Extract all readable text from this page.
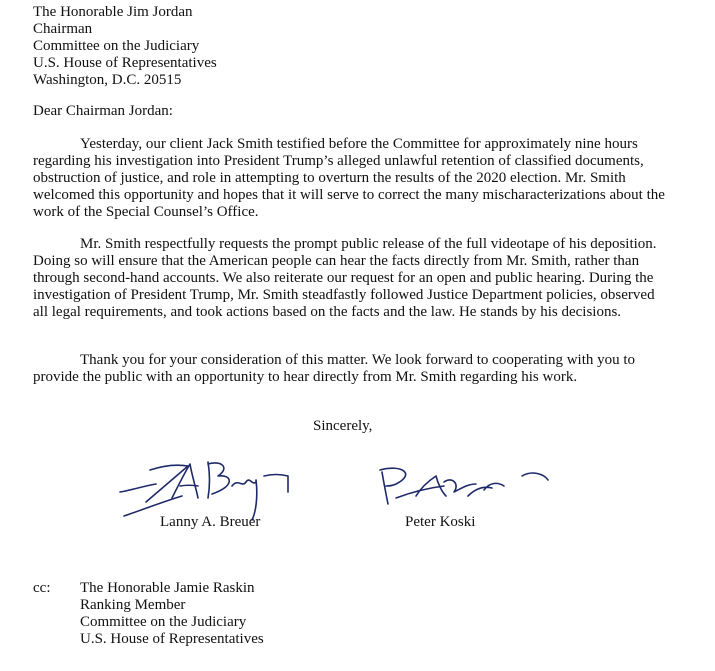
The Honorable Jim Jordan
Chairman
Committee on the Judiciary
U.S. House of Representatives
Washington, D.C. 20515
Dear Chairman Jordan:

Yesterday, our client Jack Smith testified before the Committee for approximately nine hours regarding his investigation into President Trump’s alleged unlawful retention of classified documents, obstruction of justice, and role in attempting to overturn the results of the 2020 election. Mr. Smith welcomed this opportunity and hopes that it will serve to correct the many mischaracterizations about the work of the Special Counsel’s Office.

Mr. Smith respectfully requests the prompt public release of the full videotape of his deposition. Doing so will ensure that the American people can hear the facts directly from Mr. Smith, rather than through second-hand accounts. We also reiterate our request for an open and public hearing. During the investigation of President Trump, Mr. Smith steadfastly followed Justice Department policies, observed all legal requirements, and took actions based on the facts and the law. He stands by his decisions.

Thank you for your consideration of this matter. We look forward to cooperating with you to provide the public with an opportunity to hear directly from Mr. Smith regarding his work.

Sincerely,
Lanny A. Breuer	Peter Koski
cc: The Honorable Jamie Raskin
Ranking Member
Committee on the Judiciary
U.S. House of Representatives
